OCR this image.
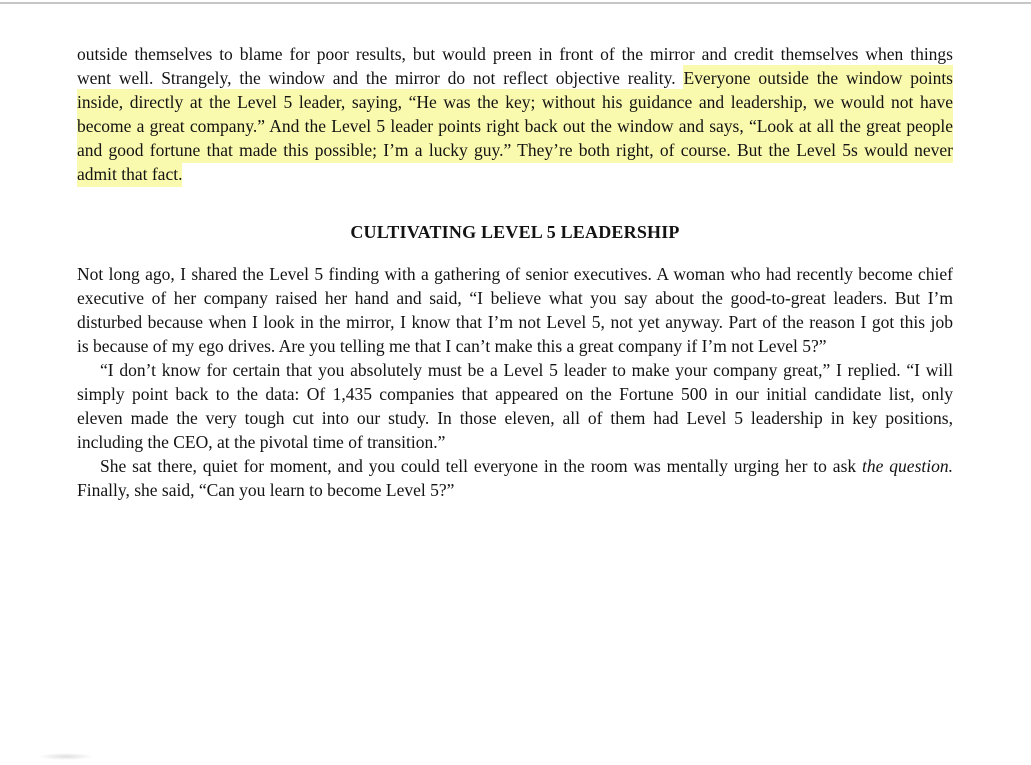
outside themselves to blame for poor results, but would preen in front of the mirror and credit themselves when things
went well. Strangely, the window and the mirror do not reflect objective reality. Everyone outside the window points
inside, directly at the Level 5 leader, saying, “He was the key; without his guidance and leadership, we would not have
become a great company.” And the Level 5 leader points right back out the window and says, “Look at all the great people
and good fortune that made this possible; I’m a lucky guy.” They’re both right, of course. But the Level 5s would never
admit that fact.
CULTIVATING LEVEL 5 LEADERSHIP
Not long ago, I shared the Level 5 finding with a gathering of senior executives. A woman who had recently become chief
executive of her company raised her hand and said, “I believe what you say about the good-to-great leaders. But I’m
disturbed because when I look in the mirror, I know that I’m not Level 5, not yet anyway. Part of the reason I got this job
is because of my ego drives. Are you telling me that I can’t make this a great company if I’m not Level 5?”
“I don’t know for certain that you absolutely must be a Level 5 leader to make your company great,” I replied. “I will
simply point back to the data: Of 1,435 companies that appeared on the Fortune 500 in our initial candidate list, only
eleven made the very tough cut into our study. In those eleven, all of them had Level 5 leadership in key positions,
including the CEO, at the pivotal time of transition.”
She sat there, quiet for moment, and you could tell everyone in the room was mentally urging her to ask the question.
Finally, she said, “Can you learn to become Level 5?”
